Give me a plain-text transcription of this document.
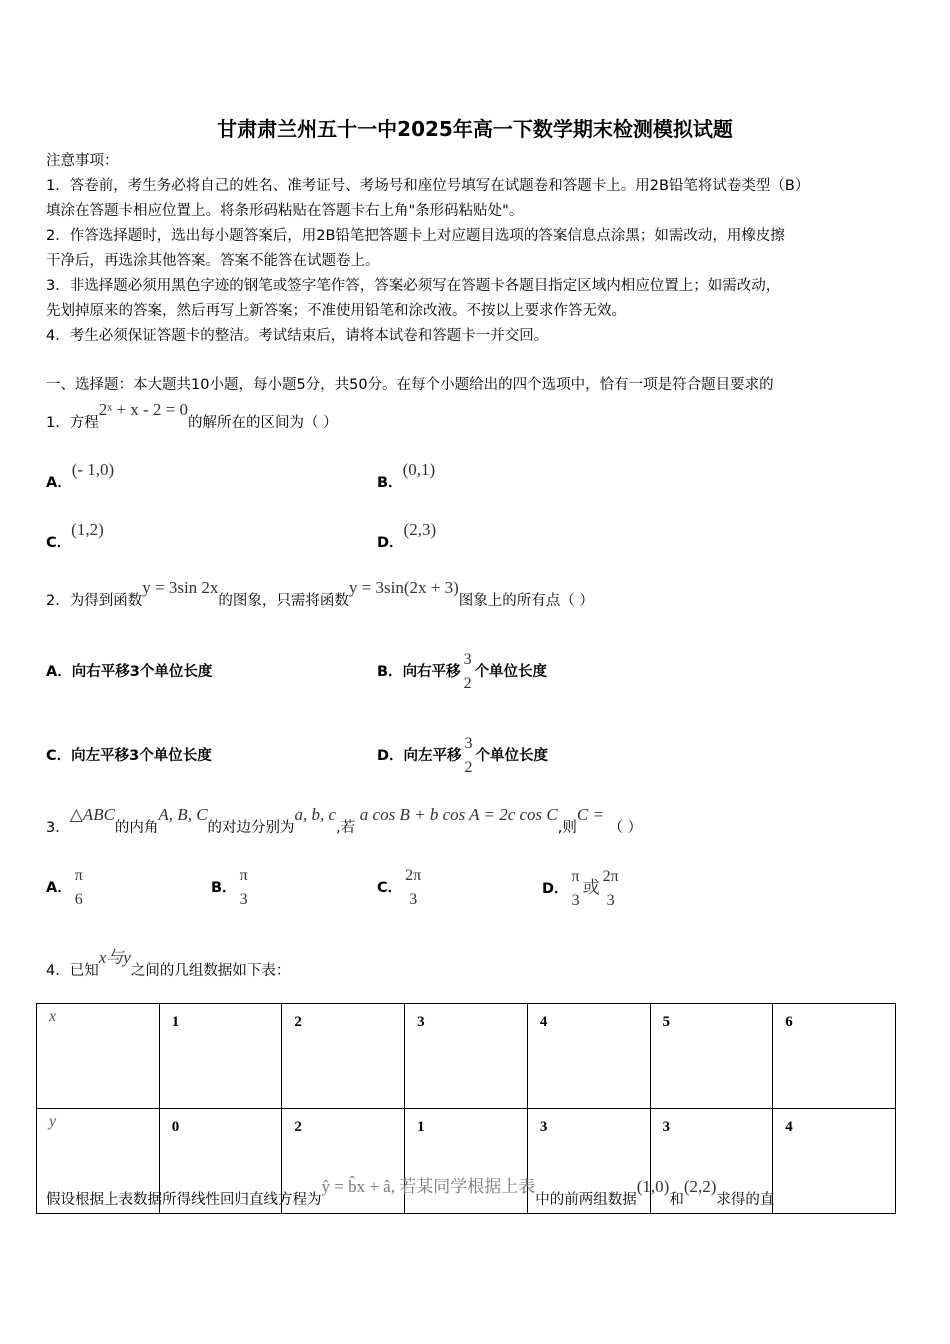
甘肃肃兰州五十一中2025年高一下数学期末检测模拟试题
注意事项：
1．答卷前，考生务必将自己的姓名、准考证号、考场号和座位号填写在试题卷和答题卡上。用2B铅笔将试卷类型（B）
填涂在答题卡相应位置上。将条形码粘贴在答题卡右上角"条形码粘贴处"。
2．作答选择题时，选出每小题答案后，用2B铅笔把答题卡上对应题目选项的答案信息点涂黑；如需改动，用橡皮擦
干净后，再选涂其他答案。答案不能答在试题卷上。
3．非选择题必须用黑色字迹的钢笔或签字笔作答，答案必须写在答题卡各题目指定区域内相应位置上；如需改动，
先划掉原来的答案，然后再写上新答案；不准使用铅笔和涂改液。不按以上要求作答无效。
4．考生必须保证答题卡的整洁。考试结束后，请将本试卷和答题卡一并交回。
一、选择题：本大题共10小题，每小题5分，共50分。在每个小题给出的四个选项中，恰有一项是符合题目要求的
1．方程2ˣ + x - 2 = 0的解所在的区间为（ ）
A．(- 1,0)
B．(0,1)
C．(1,2)
D．(2,3)
2．为得到函数y = 3sin 2x的图象，只需将函数y = 3sin(2x + 3)图象上的所有点（ ）
A．向右平移3个单位长度	B．向右平移
3
2
个单位长度
C．向左平移3个单位长度	D．向左平移
3
2
个单位长度
3．△ABC的内角A, B, C的对边分别为a, b, c,若 a cos B + b cos A = 2c cos C,则C = （ ）
A．
π
6
B．
π
3
C．
2π
3
D．
π
3
或
2π
3
4．已知x与y之间的几组数据如下表：
x	1	2	3	4	5	6
y	0	2	1	3	3	4
假设根据上表数据所得线性回归直线方程为ŷ = b̂x + â, 若某同学根据上表中的前两组数据(1,0)和(2,2)求得的直
